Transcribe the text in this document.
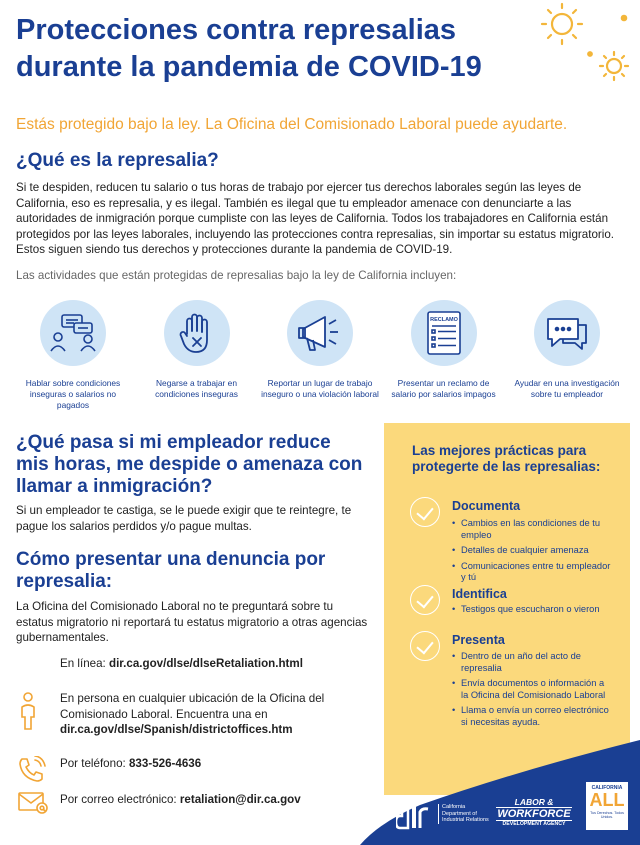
Protecciones contra represalias durante la pandemia de COVID-19
Estás protegido bajo la ley. La Oficina del Comisionado Laboral puede ayudarte.
¿Qué es la represalia?
Si te despiden, reducen tu salario o tus horas de trabajo por ejercer tus derechos laborales según las leyes de California, eso es represalia, y es ilegal. También es ilegal que tu empleador amenace con denunciarte a las autoridades de inmigración porque cumpliste con las leyes de California. Todos los trabajadores en California están protegidos por las leyes laborales, incluyendo las protecciones contra represalias, sin importar su estatus migratorio. Estos siguen siendo tus derechos y protecciones durante la pandemia de COVID-19.
Las actividades que están protegidas de represalias bajo la ley de California incluyen:
Hablar sobre condiciones inseguras o salarios no pagados
Negarse a trabajar en condiciones inseguras
Reportar un lugar de trabajo inseguro o una violación laboral
RECLAMO
Presentar un reclamo de salario por salarios impagos
Ayudar en una investigación sobre tu empleador
¿Qué pasa si mi empleador reduce mis horas, me despide o amenaza con llamar a inmigración?
Si un empleador te castiga, se le puede exigir que te reintegre, te pague los salarios perdidos y/o pague multas.
Cómo presentar una denuncia por represalia:
La Oficina del Comisionado Laboral no te preguntará sobre tu estatus migratorio ni reportará tu estatus migratorio a otras agencias gubernamentales.
En línea: dir.ca.gov/dlse/dlseRetaliation.html
En persona en cualquier ubicación de la Oficina del Comisionado Laboral. Encuentra una en dir.ca.gov/dlse/Spanish/districtoffices.htm
Por teléfono: 833-526-4636
Por correo electrónico: retaliation@dir.ca.gov
Las mejores prácticas para protegerte de las represalias:
Documenta
• Cambios en las condiciones de tu empleo
• Detalles de cualquier amenaza
• Comunicaciones entre tu empleador y tú
Identifica
• Testigos que escucharon o vieron
Presenta
• Dentro de un año del acto de represalia
• Envía documentos o información a la Oficina del Comisionado Laboral
• Llama o envía un correo electrónico si necesitas ayuda.
California
Department of
Industrial Relations
LABOR &
WORKFORCE
DEVELOPMENT AGENCY
CALIFORNIA
ALL
Tus Derechos. Todos Unidos.
